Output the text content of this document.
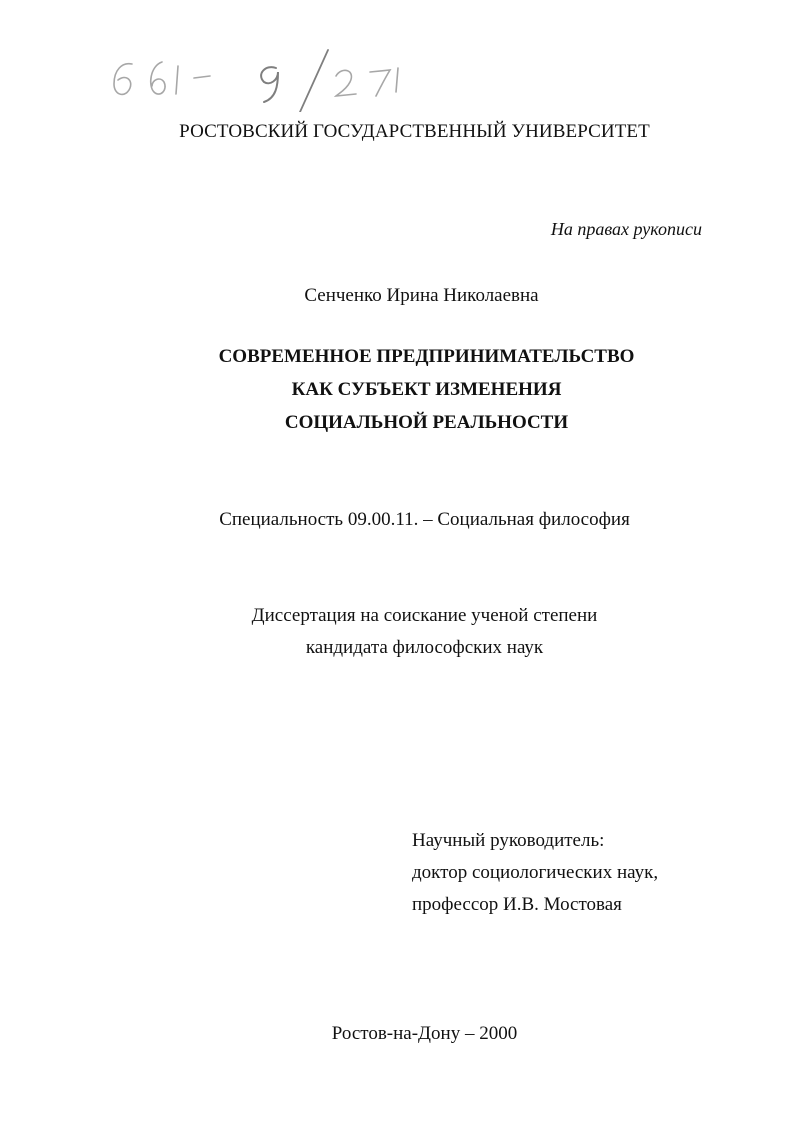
РОСТОВСКИЙ ГОСУДАРСТВЕННЫЙ УНИВЕРСИТЕТ
На правах рукописи
Сенченко Ирина Николаевна
СОВРЕМЕННОЕ ПРЕДПРИНИМАТЕЛЬСТВО
КАК СУБЪЕКТ ИЗМЕНЕНИЯ
СОЦИАЛЬНОЙ РЕАЛЬНОСТИ
Специальность 09.00.11. – Социальная философия
Диссертация на соискание ученой степени
кандидата философских наук
Научный руководитель:
доктор социологических наук,
профессор И.В. Мостовая
Ростов-на-Дону – 2000
